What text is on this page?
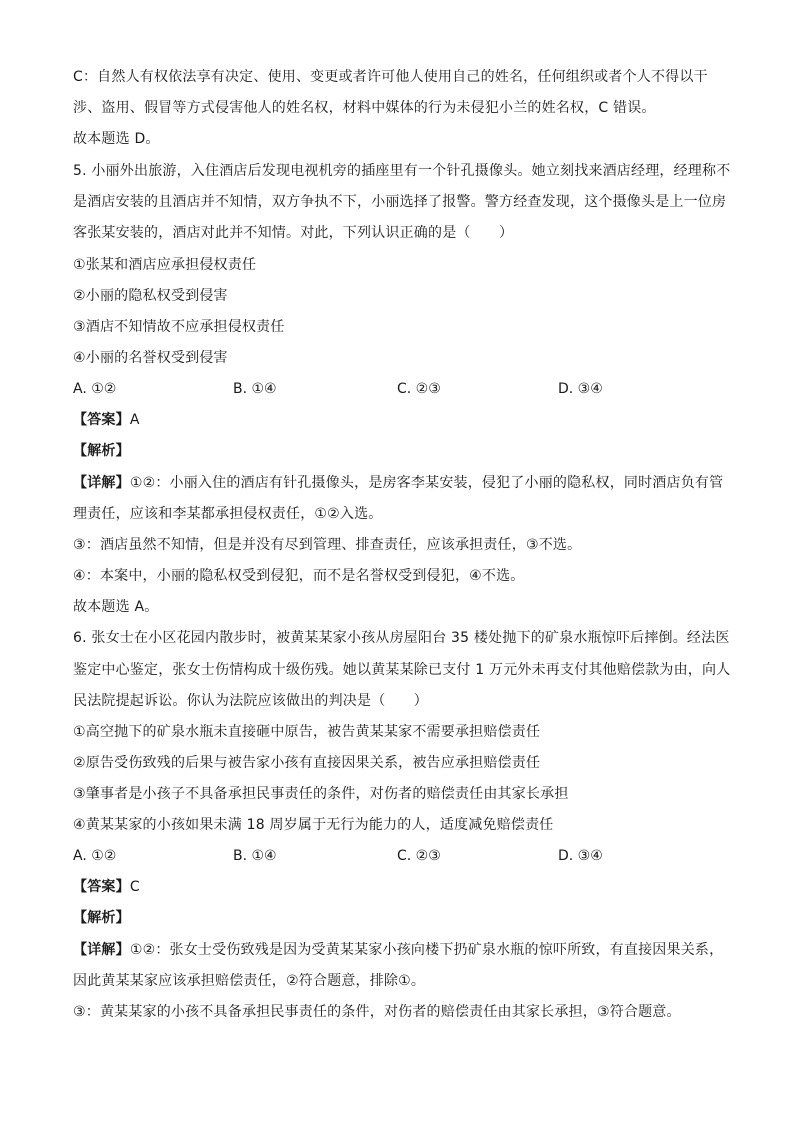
C：自然人有权依法享有决定、使用、变更或者许可他人使用自己的姓名，任何组织或者个人不得以干
涉、盗用、假冒等方式侵害他人的姓名权，材料中媒体的行为未侵犯小兰的姓名权，C 错误。
故本题选 D。
5. 小丽外出旅游，入住酒店后发现电视机旁的插座里有一个针孔摄像头。她立刻找来酒店经理，经理称不
是酒店安装的且酒店并不知情，双方争执不下，小丽选择了报警。警方经查发现，这个摄像头是上一位房
客张某安装的，酒店对此并不知情。对此，下列认识正确的是（　　）
①张某和酒店应承担侵权责任
②小丽的隐私权受到侵害
③酒店不知情故不应承担侵权责任
④小丽的名誉权受到侵害
A. ①②	B. ①④	C. ②③	D. ③④
【答案】A
【解析】
【详解】①②：小丽入住的酒店有针孔摄像头，是房客李某安装，侵犯了小丽的隐私权，同时酒店负有管
理责任，应该和李某都承担侵权责任，①②入选。
③：酒店虽然不知情，但是并没有尽到管理、排查责任，应该承担责任，③不选。
④：本案中，小丽的隐私权受到侵犯，而不是名誉权受到侵犯，④不选。
故本题选 A。
6. 张女士在小区花园内散步时，被黄某某家小孩从房屋阳台 35 楼处抛下的矿泉水瓶惊吓后摔倒。经法医
鉴定中心鉴定，张女士伤情构成十级伤残。她以黄某某除已支付 1 万元外未再支付其他赔偿款为由，向人
民法院提起诉讼。你认为法院应该做出的判决是（　　）
①高空抛下的矿泉水瓶未直接砸中原告，被告黄某某家不需要承担赔偿责任
②原告受伤致残的后果与被告家小孩有直接因果关系，被告应承担赔偿责任
③肇事者是小孩子不具备承担民事责任的条件，对伤者的赔偿责任由其家长承担
④黄某某家的小孩如果未满 18 周岁属于无行为能力的人，适度减免赔偿责任
A. ①②	B. ①④	C. ②③	D. ③④
【答案】C
【解析】
【详解】①②：张女士受伤致残是因为受黄某某家小孩向楼下扔矿泉水瓶的惊吓所致，有直接因果关系，
因此黄某某家应该承担赔偿责任，②符合题意，排除①。
③：黄某某家的小孩不具备承担民事责任的条件，对伤者的赔偿责任由其家长承担，③符合题意。
